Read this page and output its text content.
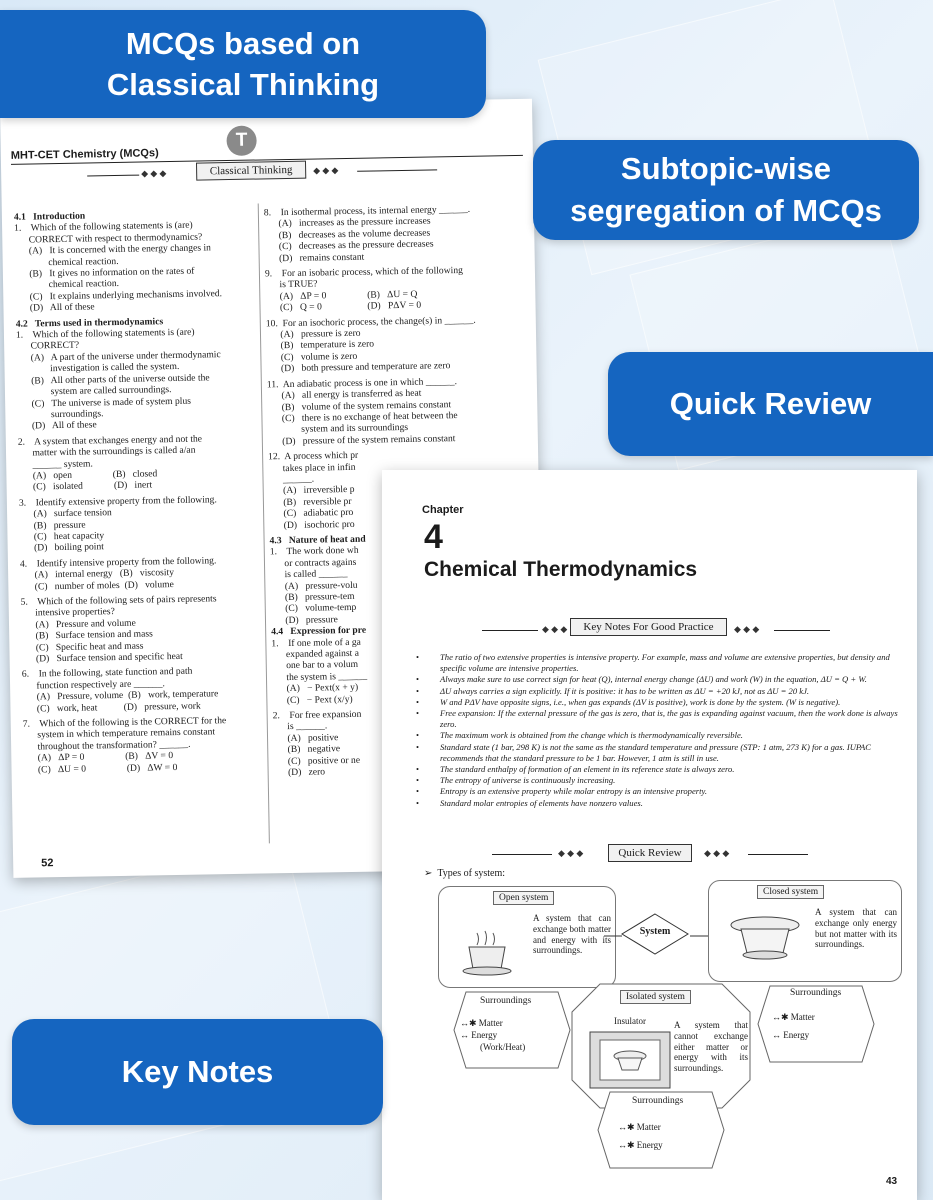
MCQs based on Classical Thinking
Subtopic-wise segregation of MCQs
Quick Review
Key Notes
T
MHT-CET Chemistry (MCQs)
◆ ◆ ◆	Classical Thinking	◆ ◆ ◆
4.1   Introduction
1.    Which of the following statements is (are)
CORRECT with respect to thermodynamics?
(A)   It is concerned with the energy changes in
chemical reaction.
(B)   It gives no information on the rates of
chemical reaction.
(C)   It explains underlying mechanisms involved.
(D)   All of these
4.2   Terms used in thermodynamics
1.    Which of the following statements is (are)
CORRECT?
(A)   A part of the universe under thermodynamic
investigation is called the system.
(B)   All other parts of the universe outside the
system are called surroundings.
(C)   The universe is made of system plus
surroundings.
(D)   All of these
2.    A system that exchanges energy and not the
matter with the surroundings is called a/an
______ system.
(A)   open                 (B)   closed
(C)   isolated             (D)   inert
3.    Identify extensive property from the following.
(A)   surface tension
(B)   pressure
(C)   heat capacity
(D)   boiling point
4.    Identify intensive property from the following.
(A)   internal energy   (B)   viscosity
(C)   number of moles  (D)   volume
5.    Which of the following sets of pairs represents
intensive properties?
(A)   Pressure and volume
(B)   Surface tension and mass
(C)   Specific heat and mass
(D)   Surface tension and specific heat
6.    In the following, state function and path
function respectively are ______.
(A)   Pressure, volume  (B)   work, temperature
(C)   work, heat           (D)   pressure, work
7.    Which of the following is the CORRECT for the
system in which temperature remains constant
throughout the transformation? ______.
(A)   ΔP = 0                 (B)   ΔV = 0
(C)   ΔU = 0                 (D)   ΔW = 0
8.    In isothermal process, its internal energy ______.
(A)   increases as the pressure increases
(B)   decreases as the volume decreases
(C)   decreases as the pressure decreases
(D)   remains constant
9.    For an isobaric process, which of the following
is TRUE?
(A)   ΔP = 0                 (B)   ΔU = Q
(C)   Q = 0                   (D)   PΔV = 0
10.  For an isochoric process, the change(s) in ______.
(A)   pressure is zero
(B)   temperature is zero
(C)   volume is zero
(D)   both pressure and temperature are zero
11.  An adiabatic process is one in which ______.
(A)   all energy is transferred as heat
(B)   volume of the system remains constant
(C)   there is no exchange of heat between the
system and its surroundings
(D)   pressure of the system remains constant
12.  A process which pr
takes place in infin
______.
(A)   irreversible p
(B)   reversible pr
(C)   adiabatic pro
(D)   isochoric pro
4.3   Nature of heat and
1.    The work done wh
or contracts agains
is called ______
(A)   pressure-volu
(B)   pressure-tem
(C)   volume-temp
(D)   pressure
4.4   Expression for pre
1.    If one mole of a ga
expanded against a
one bar to a volum
the system is ______
(A)   − Pext(x + y)
(C)   − Pext (x/y)
2.    For free expansion
is ______.
(A)   positive
(B)   negative
(C)   positive or ne
(D)   zero
52
Chapter
4
Chemical Thermodynamics
◆ ◆ ◆	Key Notes For Good Practice	◆ ◆ ◆
• The ratio of two extensive properties is intensive property. For example, mass and volume are extensive properties, but density and specific volume are intensive properties.
• Always make sure to use correct sign for heat (Q), internal energy change (ΔU) and work (W) in the equation, ΔU = Q + W.
• ΔU always carries a sign explicitly. If it is positive: it has to be written as ΔU = +20 kJ, not as ΔU = 20 kJ.
• W and PΔV have opposite signs, i.e., when gas expands (ΔV is positive), work is done by the system. (W is negative).
• Free expansion: If the external pressure of the gas is zero, that is, the gas is expanding against vacuum, then the work done is always zero.
• The maximum work is obtained from the change which is thermodynamically reversible.
• Standard state (1 bar, 298 K) is not the same as the standard temperature and pressure (STP: 1 atm, 273 K) for a gas. IUPAC recommends that the standard pressure to be 1 bar. However, 1 atm is still in use.
• The standard enthalpy of formation of an element in its reference state is always zero.
• The entropy of universe is continuously increasing.
• Entropy is an extensive property while molar entropy is an intensive property.
• Standard molar entropies of elements have nonzero values.
◆ ◆ ◆	Quick Review	◆ ◆ ◆
➢ Types of system:
Open system
A system that can exchange both matter and energy with its surroundings.
System
Closed system
A system that can exchange only energy but not matter with its surroundings.
Surroundings
↔✱ Matter
↔ Energy
(Work/Heat)
Isolated system
Insulator	A system that cannot exchange either matter or energy with its surroundings.
Surroundings
↔✱ Matter
↔ Energy
Surroundings
↔✱ Matter
↔✱ Energy
43
